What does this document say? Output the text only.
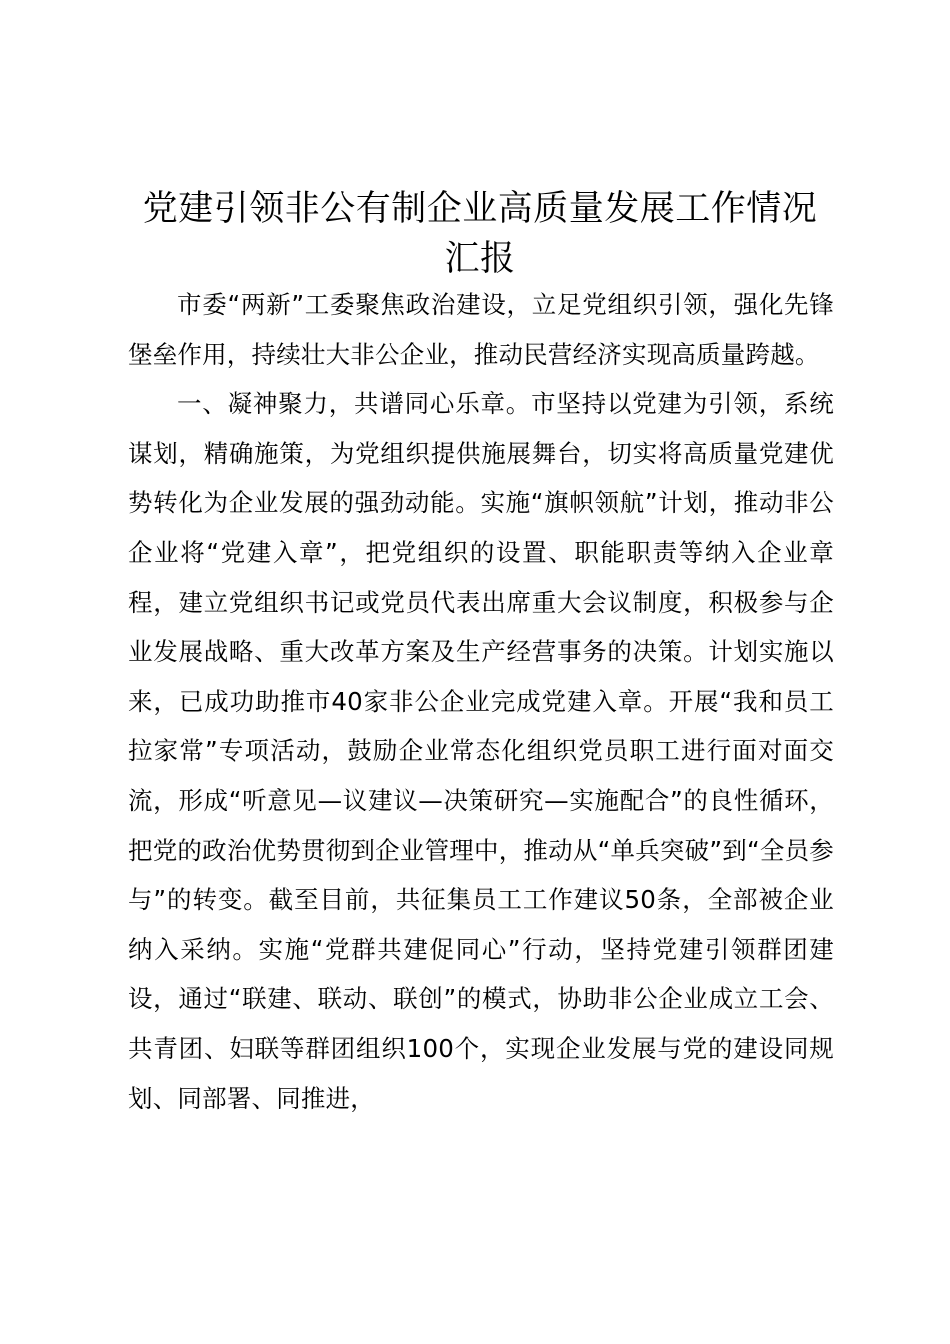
党建引领非公有制企业高质量发展工作情况汇报

市委“两新”工委聚焦政治建设，立足党组织引领，强化先锋堡垒作用，持续壮大非公企业，推动民营经济实现高质量跨越。

一、凝神聚力，共谱同心乐章。市坚持以党建为引领，系统谋划，精确施策，为党组织提供施展舞台，切实将高质量党建优势转化为企业发展的强劲动能。实施“旗帜领航”计划，推动非公企业将“党建入章”，把党组织的设置、职能职责等纳入企业章程，建立党组织书记或党员代表出席重大会议制度，积极参与企业发展战略、重大改革方案及生产经营事务的决策。计划实施以来，已成功助推市40家非公企业完成党建入章。开展“我和员工拉家常”专项活动，鼓励企业常态化组织党员职工进行面对面交流，形成“听意见—议建议—决策研究—实施配合”的良性循环，把党的政治优势贯彻到企业管理中，推动从“单兵突破”到“全员参与”的转变。截至目前，共征集员工工作建议50条，全部被企业纳入采纳。实施“党群共建促同心”行动，坚持党建引领群团建设，通过“联建、联动、联创”的模式，协助非公企业成立工会、共青团、妇联等群团组织100个，实现企业发展与党的建设同规划、同部署、同推进，
